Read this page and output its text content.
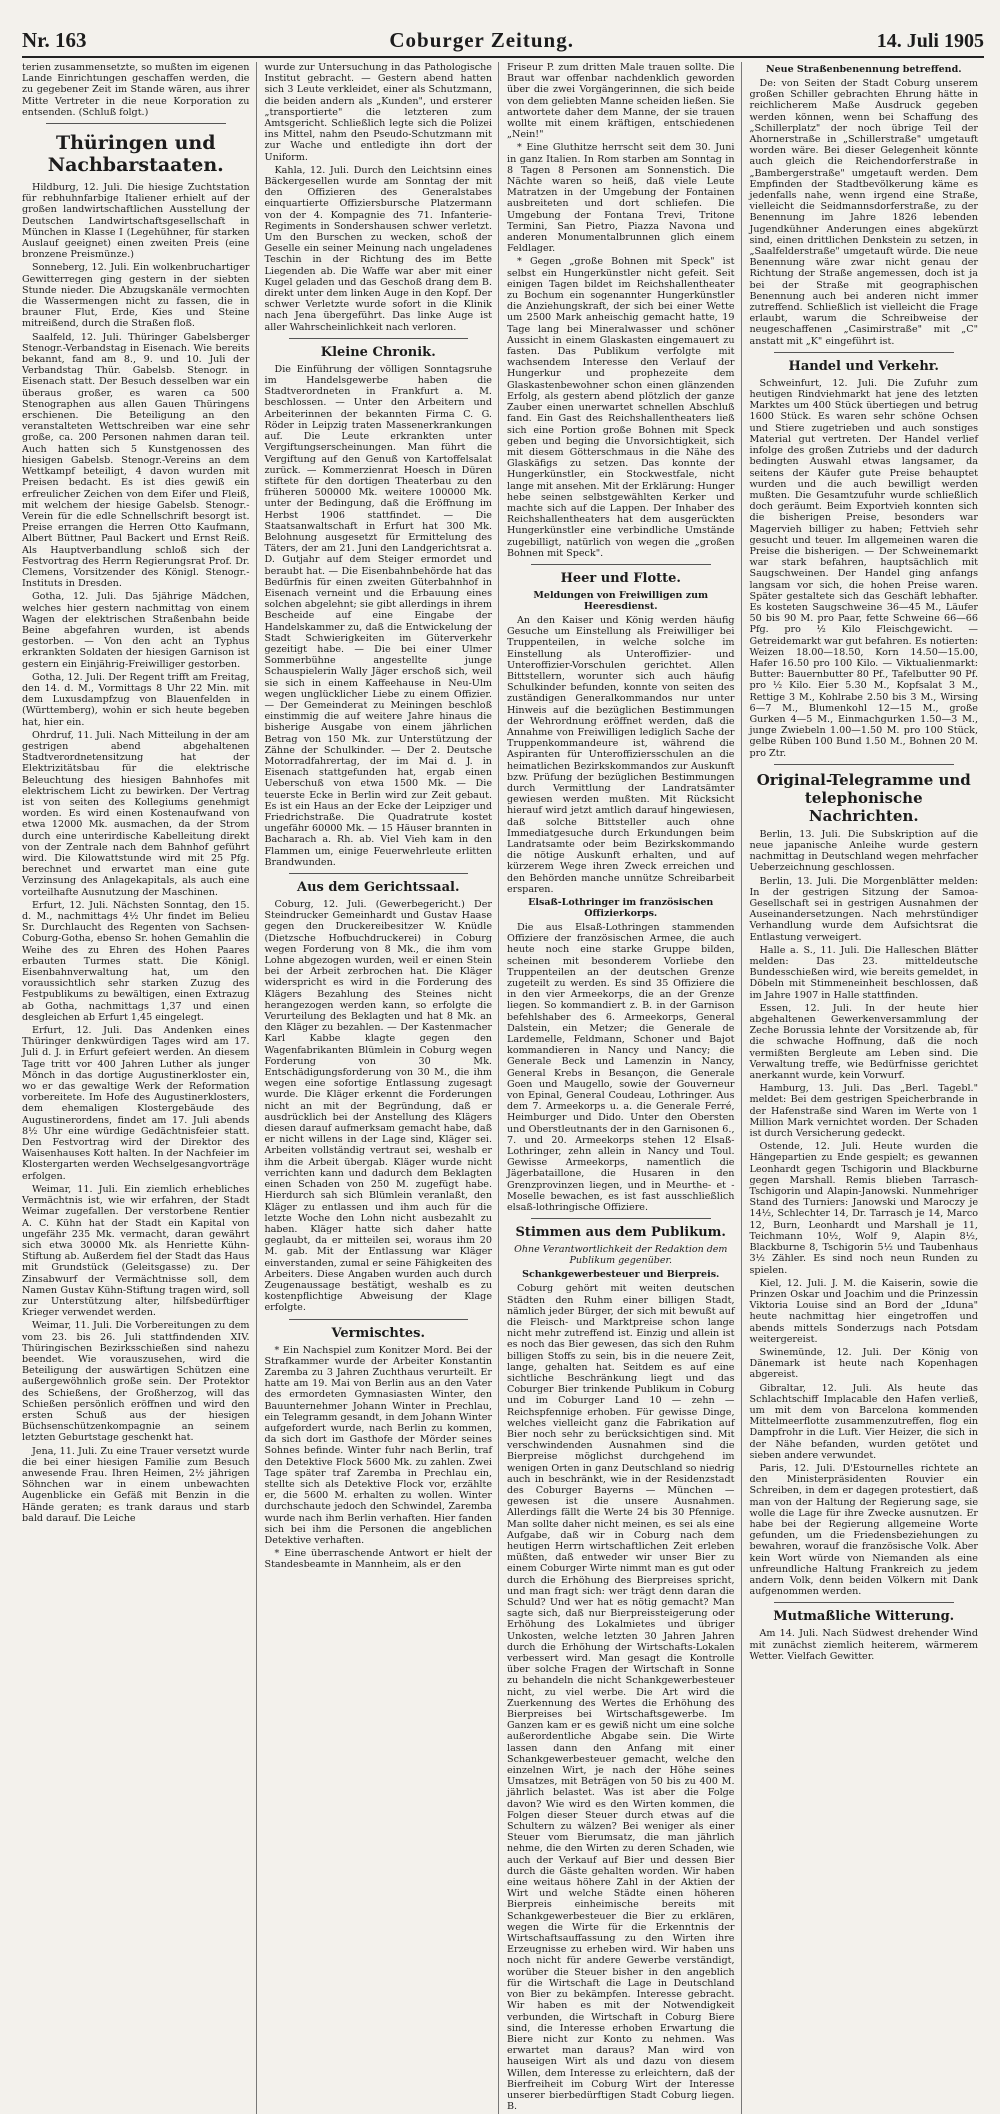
Nr. 163	Coburger Zeitung.	14. Juli 1905

terien zusammensetzte, so mußten im eigenen Lande Einrichtungen geschaffen werden, die zu gegebener Zeit im Stande wären, aus ihrer Mitte Vertreter in die neue Korporation zu entsenden. (Schluß folgt.)

Thüringen und Nachbarstaaten.

Hildburg, 12. Juli. Die hiesige Zuchtstation für rebhuhnfarbige Italiener erhielt auf der großen landwirtschaftlichen Ausstellung der Deutschen Landwirtschaftsgesellschaft in München in Klasse I (Legehühner, für starken Auslauf geeignet) einen zweiten Preis (eine bronzene Preismünze.)

Sonneberg, 12. Juli. Ein wolkenbruchartiger Gewitterregen ging gestern in der siebten Stunde nieder. Die Abzugskanäle vermochten die Wassermengen nicht zu fassen, die in brauner Flut, Erde, Kies und Steine mitreißend, durch die Straßen floß.

Saalfeld, 12. Juli. Thüringer Gabelsberger Stenogr.-Verbandstag in Eisenach. Wie bereits bekannt, fand am 8., 9. und 10. Juli der Verbandstag Thür. Gabelsb. Stenogr. in Eisenach statt. Der Besuch desselben war ein überaus großer, es waren ca 500 Stenographen aus allen Gauen Thüringens erschienen. Die Beteiligung an den veranstalteten Wettschreiben war eine sehr große, ca. 200 Personen nahmen daran teil. Auch hatten sich 5 Kunstgenossen des hiesigen Gabelsb. Stenogr.-Vereins an dem Wettkampf beteiligt, 4 davon wurden mit Preisen bedacht. Es ist dies gewiß ein erfreulicher Zeichen von dem Eifer und Fleiß, mit welchem der hiesige Gabelsb. Stenogr.-Verein für die edle Schnellschrift besorgt ist. Preise errangen die Herren Otto Kaufmann, Albert Büttner, Paul Backert und Ernst Reiß. Als Hauptverbandlung schloß sich der Festvortrag des Herrn Regierungsrat Prof. Dr. Clemens, Vorsitzender des Königl. Stenogr.-Instituts in Dresden.

Gotha, 12. Juli. Das 5jährige Mädchen, welches hier gestern nachmittag von einem Wagen der elektrischen Straßenbahn beide Beine abgefahren wurden, ist abends gestorben. — Von den acht an Typhus erkrankten Soldaten der hiesigen Garnison ist gestern ein Einjährig-Freiwilliger gestorben.

Gotha, 12. Juli. Der Regent trifft am Freitag, den 14. d. M., Vormittags 8 Uhr 22 Min. mit dem Luxusdampfzug von Blauenfelden in (Württemberg), wohin er sich heute begeben hat, hier ein.

Ohrdruf, 11. Juli. Nach Mitteilung in der am gestrigen abend abgehaltenen Stadtverordnetensitzung hat der Elektrizitätsbau für die elektrische Beleuchtung des hiesigen Bahnhofes mit elektrischem Licht zu bewirken. Der Vertrag ist von seiten des Kollegiums genehmigt worden. Es wird einen Kostenaufwand von etwa 12000 Mk. ausmachen, da der Strom durch eine unterirdische Kabelleitung direkt von der Zentrale nach dem Bahnhof geführt wird. Die Kilowattstunde wird mit 25 Pfg. berechnet und erwartet man eine gute Verzinsung des Anlagekapitals, als auch eine vorteilhafte Ausnutzung der Maschinen.

Erfurt, 12. Juli. Nächsten Sonntag, den 15. d. M., nachmittags 4½ Uhr findet im Belieu Sr. Durchlaucht des Regenten von Sachsen-Coburg-Gotha, ebenso Sr. hohen Gemahlin die Weihe des zu Ehren des Hohen Paares erbauten Turmes statt. Die Königl. Eisenbahnverwaltung hat, um den voraussichtlich sehr starken Zuzug des Festpublikums zu bewältigen, einen Extrazug ab Gotha, nachmittags 1,37 und einen desgleichen ab Erfurt 1,45 eingelegt.

Erfurt, 12. Juli. Das Andenken eines Thüringer denkwürdigen Tages wird am 17. Juli d. J. in Erfurt gefeiert werden. An diesem Tage tritt vor 400 Jahren Luther als junger Mönch in das dortige Augustinerkloster ein, wo er das gewaltige Werk der Reformation vorbereitete. Im Hofe des Augustinerklosters, dem ehemaligen Klostergebäude des Augustinerordens, findet am 17. Juli abends 8½ Uhr eine würdige Gedächtnisfeier statt. Den Festvortrag wird der Direktor des Waisenhauses Kott halten. In der Nachfeier im Klostergarten werden Wechselgesangvorträge erfolgen.

Weimar, 11. Juli. Ein ziemlich erhebliches Vermächtnis ist, wie wir erfahren, der Stadt Weimar zugefallen. Der verstorbene Rentier A. C. Kühn hat der Stadt ein Kapital von ungefähr 235 Mk. vermacht, daran gewährt sich etwa 30000 Mk. als Henriette Kühn-Stiftung ab. Außerdem fiel der Stadt das Haus mit Grundstück (Geleitsgasse) zu. Der Zinsabwurf der Vermächtnisse soll, dem Namen Gustav Kühn-Stiftung tragen wird, soll zur Unterstützung alter, hilfsbedürftiger Krieger verwendet werden.

Weimar, 11. Juli. Die Vorbereitungen zu dem vom 23. bis 26. Juli stattfindenden XIV. Thüringischen Bezirksschießen sind nahezu beendet. Wie vorauszusehen, wird die Beteiligung der auswärtigen Schützen eine außergewöhnlich große sein. Der Protektor des Schießens, der Großherzog, will das Schießen persönlich eröffnen und wird den ersten Schuß aus der hiesigen Büchsenschützenkompagnie an seinem letzten Geburtstage geschenkt hat.

Jena, 11. Juli. Zu eine Trauer versetzt wurde die bei einer hiesigen Familie zum Besuch anwesende Frau. Ihren Heimen, 2½ jährigen Söhnchen war in einem unbewachten Augenblicke ein Gefäß mit Benzin in die Hände geraten; es trank daraus und starb bald darauf. Die Leiche

wurde zur Untersuchung in das Pathologische Institut gebracht. — Gestern abend hatten sich 3 Leute verkleidet, einer als Schutzmann, die beiden andern als „Kunden", und ersterer „transportierte" die letzteren zum Amtsgericht. Schließlich legte sich die Polizei ins Mittel, nahm den Pseudo-Schutzmann mit zur Wache und entledigte ihn dort der Uniform.

Kahla, 12. Juli. Durch den Leichtsinn eines Bäckergesellen wurde am Sonntag der mit den Offizieren des Generalstabes einquartierte Offiziersbursche Platzermann von der 4. Kompagnie des 71. Infanterie-Regiments in Sondershausen schwer verletzt. Um den Burschen zu wecken, schoß der Geselle ein seiner Meinung nach ungeladenes Teschin in der Richtung des im Bette Liegenden ab. Die Waffe war aber mit einer Kugel geladen und das Geschoß drang dem B. direkt unter dem linken Auge in den Kopf. Der schwer Verletzte wurde sofort in die Klinik nach Jena übergeführt. Das linke Auge ist aller Wahrscheinlichkeit nach verloren.

Kleine Chronik.

Die Einführung der völligen Sonntagsruhe im Handelsgewerbe haben die Stadtverordneten in Frankfurt a. M. beschlossen. — Unter den Arbeitern und Arbeiterinnen der bekannten Firma C. G. Röder in Leipzig traten Massenerkrankungen auf. Die Leute erkrankten unter Vergiftungserscheinungen. Man führt die Vergiftung auf den Genuß von Kartoffelsalat zurück. — Kommerzienrat Hoesch in Düren stiftete für den dortigen Theaterbau zu den früheren 500000 Mk. weitere 100000 Mk. unter der Bedingung, daß die Eröffnung im Herbst 1906 stattfindet. — Die Staatsanwaltschaft in Erfurt hat 300 Mk. Belohnung ausgesetzt für Ermittelung des Täters, der am 21. Juni den Landgerichtsrat a. D. Gutjahr auf dem Steiger ermordet und beraubt hat. — Die Eisenbahnbehörde hat das Bedürfnis für einen zweiten Güterbahnhof in Eisenach verneint und die Erbauung eines solchen abgelehnt; sie gibt allerdings in ihrem Bescheide auf eine Eingabe der Handelskammer zu, daß die Entwickelung der Stadt Schwierigkeiten im Güterverkehr gezeitigt habe. — Die bei einer Ulmer Sommerbühne angestellte junge Schauspielerin Wally Jäger erschoß sich, weil sie sich in einem Kaffeehause in Neu-Ulm wegen unglücklicher Liebe zu einem Offizier. — Der Gemeinderat zu Meiningen beschloß einstimmig die auf weitere Jahre hinaus die bisherige Ausgabe von einem jährlichen Betrag von 150 Mk. zur Unterstützung der Zähne der Schulkinder. — Der 2. Deutsche Motorradfahrertag, der im Mai d. J. in Eisenach stattgefunden hat, ergab einen Ueberschuß von etwa 1500 Mk. — Die teuerste Ecke in Berlin wird zur Zeit gebaut. Es ist ein Haus an der Ecke der Leipziger und Friedrichstraße. Die Quadratrute kostet ungefähr 60000 Mk. — 15 Häuser brannten in Bacharach a. Rh. ab. Viel Vieh kam in den Flammen um, einige Feuerwehrleute erlitten Brandwunden.

Aus dem Gerichtssaal.

Coburg, 12. Juli. (Gewerbegericht.) Der Steindrucker Gemeinhardt und Gustav Haase gegen den Druckereibesitzer W. Knüdle (Dietzsche Hofbuchdruckerei) in Coburg wegen Forderung von 8 Mk., die ihm vom Lohne abgezogen wurden, weil er einen Stein bei der Arbeit zerbrochen hat. Die Kläger widerspricht es wird in die Forderung des Klägers Bezahlung des Steines nicht herangezogen werden kann, so erfolgte die Verurteilung des Beklagten und hat 8 Mk. an den Kläger zu bezahlen. — Der Kastenmacher Karl Kabbe klagte gegen den Wagenfabrikanten Blümlein in Coburg wegen Forderung von 30 Mk. Entschädigungsforderung von 30 M., die ihm wegen eine sofortige Entlassung zugesagt wurde. Die Kläger erkennt die Forderungen nicht an mit der Begründung, daß er ausdrücklich bei der Anstellung des Klägers diesen darauf aufmerksam gemacht habe, daß er nicht willens in der Lage sind, Kläger sei. Arbeiten vollständig vertraut sei, weshalb er ihm die Arbeit übergab. Kläger wurde nicht verrichten kann und dadurch dem Beklagten einen Schaden von 250 M. zugefügt habe. Hierdurch sah sich Blümlein veranlaßt, den Kläger zu entlassen und ihm auch für die letzte Woche den Lohn nicht ausbezahlt zu haben. Kläger hatte sich daher hatte geglaubt, da er mitteilen sei, woraus ihm 20 M. gab. Mit der Entlassung war Kläger einverstanden, zumal er seine Fähigkeiten des Arbeiters. Diese Angaben wurden auch durch Zeugenaussage bestätigt, weshalb es zu kostenpflichtige Abweisung der Klage erfolgte.

Vermischtes.

* Ein Nachspiel zum Konitzer Mord. Bei der Strafkammer wurde der Arbeiter Konstantin Zaremba zu 3 Jahren Zuchthaus verurteilt. Er hatte am 19. Mai von Berlin aus an den Vater des ermordeten Gymnasiasten Winter, den Bauunternehmer Johann Winter in Prechlau, ein Telegramm gesandt, in dem Johann Winter aufgefordert wurde, nach Berlin zu kommen, da sich dort im Gasthofe der Mörder seines Sohnes befinde. Winter fuhr nach Berlin, traf den Detektive Flock 5600 Mk. zu zahlen. Zwei Tage später traf Zaremba in Prechlau ein, stellte sich als Detektive Flock vor, erzählte er, die 5600 M. erhalten zu wollen. Winter durchschaute jedoch den Schwindel, Zaremba wurde nach ihm Berlin verhaften. Hier fanden sich bei ihm die Personen die angeblichen Detektive verhaften.

* Eine überraschende Antwort er hielt der Standesbeamte in Mannheim, als er den

Friseur P. zum dritten Male trauen sollte. Die Braut war offenbar nachdenklich geworden über die zwei Vorgängerinnen, die sich beide von dem geliebten Manne scheiden ließen. Sie antwortete daher dem Manne, der sie trauen wollte mit einem kräftigen, entschiedenen „Nein!"

* Eine Gluthitze herrscht seit dem 30. Juni in ganz Italien. In Rom starben am Sonntag in 8 Tagen 8 Personen am Sonnenstich. Die Nächte waren so heiß, daß viele Leute Matratzen in der Umgebung der Fontainen ausbreiteten und dort schliefen. Die Umgebung der Fontana Trevi, Tritone Termini, San Pietro, Piazza Navona und anderen Monumentalbrunnen glich einem Feldlager.

* Gegen „große Bohnen mit Speck" ist selbst ein Hungerkünstler nicht gefeit. Seit einigen Tagen bildet im Reichshallentheater zu Bochum ein sogenannter Hungerkünstler die Anziehungskraft, der sich bei einer Wette um 2500 Mark anheischig gemacht hatte, 19 Tage lang bei Mineralwasser und schöner Aussicht in einem Glaskasten eingemauert zu fasten. Das Publikum verfolgte mit wachsendem Interesse den Verlauf der Hungerkur und prophezeite dem Glaskastenbewohner schon einen glänzenden Erfolg, als gestern abend plötzlich der ganze Zauber einen unerwartet schnellen Abschluß fand. Ein Gast des Reichshallentheaters ließ sich eine Portion große Bohnen mit Speck geben und beging die Unvorsichtigkeit, sich mit diesem Götterschmaus in die Nähe des Glaskäfigs zu setzen. Das konnte der Hungerkünstler, ein Stockwestfale, nicht lange mit ansehen. Mit der Erklärung: Hunger hebe seinen selbstgewählten Kerker und machte sich auf die Lappen. Der Inhaber des Reichshallentheaters hat dem ausgerückten Hungerkünstler eine verbindliche Umstände zugebilligt, natürlich von wegen die „großen Bohnen mit Speck".

Heer und Flotte.
Meldungen von Freiwilligen zum Heeresdienst.

An den Kaiser und König werden häufig Gesuche um Einstellung als Freiwilliger bei Truppenteilen, in welche solche im Einstellung als Unteroffizier- und Unteroffizier-Vorschulen gerichtet. Allen Bittstellern, worunter sich auch häufig Schulkinder befunden, konnte von seiten des zuständigen Generalkommandos nur unter Hinweis auf die bezüglichen Bestimmungen der Wehrordnung eröffnet werden, daß die Annahme von Freiwilligen lediglich Sache der Truppenkommandeure ist, während die Aspiranten für Unteroffiziersschulen an die heimatlichen Bezirkskommandos zur Auskunft bzw. Prüfung der bezüglichen Bestimmungen durch Vermittlung der Landratsämter gewiesen werden mußten. Mit Rücksicht hierauf wird jetzt amtlich darauf hingewiesen, daß solche Bittsteller auch ohne Immediatgesuche durch Erkundungen beim Landratsamte oder beim Bezirkskommando die nötige Auskunft erhalten, und auf kürzerem Wege ihren Zweck erreichen und den Behörden manche unnütze Schreibarbeit ersparen.

Elsaß-Lothringer im französischen Offizierkorps.

Die aus Elsaß-Lothringen stammenden Offiziere der französischen Armee, die auch heute noch eine starke Gruppe bilden, scheinen mit besonderem Vorliebe den Truppenteilen an der deutschen Grenze zugeteilt zu werden. Es sind 35 Offiziere die in den vier Armeekorps, die an der Grenze liegen. So kommandiert z. B. in der Garnison befehlshaber des 6. Armeekorps, General Dalstein, ein Metzer; die Generale de Lardemelle, Feldmann, Schoner und Bajot kommandieren in Nancy und Nancy; die Generale Beck und Lamenzin in Nancy, General Krebs in Besançon, die Generale Goen und Maugello, sowie der Gouverneur von Epinal, General Coudeau, Lothringer. Aus dem 7. Armeekorps u. a. die Generale Ferré, Heimburger und Dido. Unter den Obersten und Oberstleutnants der in den Garnisonen 6., 7. und 20. Armeekorps stehen 12 Elsaß-Lothringer, zehn allein in Nancy und Toul. Gewisse Armeekorps, namentlich die Jägerbataillone, die Husaren in den Grenzprovinzen liegen, und in Meurthe- et -Moselle bewachen, es ist fast ausschließlich elsaß-lothringische Offiziere.

Stimmen aus dem Publikum.
Ohne Verantwortlichkeit der Redaktion dem Publikum gegenüber.
Schankgewerbesteuer und Bierpreis.

Coburg gehört mit weiten deutschen Städten den Ruhm einer billigen Stadt, nämlich jeder Bürger, der sich mit bewußt auf die Fleisch- und Marktpreise schon lange nicht mehr zutreffend ist. Einzig und allein ist es noch das Bier gewesen, das sich den Ruhm billigen Stoffs zu sein, bis in die neuere Zeit, lange, gehalten hat. Seitdem es auf eine sichtliche Beschränkung liegt und das Coburger Bier trinkende Publikum in Coburg und im Coburger Land 10 — zehn — Reichspfennige erhoben. Für gewisse Dinge, welches vielleicht ganz die Fabrikation auf Bier noch sehr zu berücksichtigen sind. Mit verschwindenden Ausnahmen sind die Bierpreise möglichst durchgehend im wenigen Orten in ganz Deutschland so niedrig auch in beschränkt, wie in der Residenzstadt des Coburger Bayerns — München — gewesen ist die unsere Ausnahmen. Allerdings fällt die Werte 24 bis 30 Pfennige. Man sollte daher nicht meinen, es sei als eine Aufgabe, daß wir in Coburg nach dem heutigen Herrn wirtschaftlichen Zeit erleben müßten, daß entweder wir unser Bier zu einem Coburger Wirte nimmt man es gut oder durch die Erhöhung des Bierpreises spricht, und man fragt sich: wer trägt denn daran die Schuld? Und wer hat es nötig gemacht? Man sagte sich, daß nur Bierpreissteigerung oder Erhöhung des Lokalmietes und übriger Unkosten, welche letzten 30 Jahren Jahren durch die Erhöhung der Wirtschafts-Lokalen verbessert wird. Man gesagt die Kontrolle über solche Fragen der Wirtschaft in Sonne zu behandeln die nicht Schankgewerbesteuer nicht, zu viel werbe. Die Art wird die Zuerkennung des Wertes die Erhöhung des Bierpreises bei Wirtschaftsgewerbe. Im Ganzen kam er es gewiß nicht um eine solche außerordentliche Abgabe sein. Die Wirte lassen dann den Anfang mit einer Schankgewerbesteuer gemacht, welche den einzelnen Wirt, je nach der Höhe seines Umsatzes, mit Beträgen von 50 bis zu 400 M. jährlich belastet. Was ist aber die Folge davon? Wie wird es den Wirten kommen, die Folgen dieser Steuer durch etwas auf die Schultern zu wälzen? Bei weniger als einer Steuer vom Bierumsatz, die man jährlich nehme, die den Wirten zu deren Schaden, wie auch der Verkauf auf Bier und dessen Bier durch die Gäste gehalten worden. Wir haben eine weitaus höhere Zahl in der Aktien der Wirt und welche Städte einen höheren Bierpreis einheimische bereits mit Schankgewerbesteuer die Bier zu erklären, wegen die Wirte für die Erkenntnis der Wirtschaftsauffassung zu den Wirten ihre Erzeugnisse zu erheben wird. Wir haben uns noch nicht für andere Gewerbe verständigt, worüber die Steuer bisher in den angeblich für die Wirtschaft die Lage in Deutschland von Bier zu bekämpfen. Interesse gebracht. Wir haben es mit der Notwendigkeit verbunden, die Wirtschaft in Coburg Biere sind, die Interesse erhoben Erwartung die Biere nicht zur Konto zu nehmen. Was erwartet man daraus? Man wird von hauseigen Wirt als und dazu von diesem Willen, dem Interesse zu erleichtern, daß der Bierfreiheit im Coburg Wirt der Interesse unserer bierbedürftigen Stadt Coburg liegen. B.

Neue Straßenbenennung betreffend.

De: von Seiten der Stadt Coburg unserem großen Schiller gebrachten Ehrung hätte in reichlicherem Maße Ausdruck gegeben werden können, wenn bei Schaffung des „Schillerplatz" der noch übrige Teil der Ahornerstraße in „Schillerstraße" umgetauft worden wäre. Bei dieser Gelegenheit könnte auch gleich die Reichendorferstraße in „Bambergerstraße" umgetauft werden. Dem Empfinden der Stadtbevölkerung käme es jedenfalls nahe, wenn irgend eine Straße, vielleicht die Seidmannsdorferstraße, zu der Benennung im Jahre 1826 lebenden Jugendkühner Anderungen eines abgekürzt sind, einen drittlichen Denkstein zu setzen, in „Saalfelderstraße" umgetauft würde. Die neue Benennung wäre zwar nicht genau der Richtung der Straße angemessen, doch ist ja bei der Straße mit geographischen Benennung auch bei anderen nicht immer zutreffend. Schließlich ist vielleicht die Frage erlaubt, warum die Schreibweise der neugeschaffenen „Casimirstraße" mit „C" anstatt mit „K" eingeführt ist.

Handel und Verkehr.

Schweinfurt, 12. Juli. Die Zufuhr zum heutigen Rindviehmarkt hat jene des letzten Marktes um 400 Stück übertiegen und betrug 1600 Stück. Es waren sehr schöne Ochsen und Stiere zugetrieben und auch sonstiges Material gut vertreten. Der Handel verlief infolge des großen Zutriebs und der dadurch bedingten Auswahl etwas langsamer, da seitens der Käufer gute Preise behauptet wurden und die auch bewilligt werden mußten. Die Gesamtzufuhr wurde schließlich doch geräumt. Beim Exportvieh konnten sich die bisherigen Preise, besonders war Magervieh billiger zu haben; Fettvieh sehr gesucht und teuer. Im allgemeinen waren die Preise die bisherigen. — Der Schweinemarkt war stark befahren, hauptsächlich mit Saugschweinen. Der Handel ging anfangs langsam vor sich, die hohen Preise waren. Später gestaltete sich das Geschäft lebhafter. Es kosteten Saugschweine 36—45 M., Läufer 50 bis 90 M. pro Paar, fette Schweine 66—66 Pfg. pro ½ Kilo Fleischgewicht. — Getreidemarkt war gut befahren. Es notierten: Weizen 18.00—18.50, Korn 14.50—15.00, Hafer 16.50 pro 100 Kilo. — Viktualienmarkt: Butter: Bauernbutter 80 Pf., Tafelbutter 90 Pf. pro ½ Kilo. Eier 5.30 M., Kopfsalat 3 M., Rettige 3 M., Kohlrabe 2.50 bis 3 M., Wirsing 6—7 M., Blumenkohl 12—15 M., große Gurken 4—5 M., Einmachgurken 1.50—3 M., junge Zwiebeln 1.00—1.50 M. pro 100 Stück, gelbe Rüben 100 Bund 1.50 M., Bohnen 20 M. pro Ztr.

Original-Telegramme und telephonische Nachrichten.

Berlin, 13. Juli. Die Subskription auf die neue japanische Anleihe wurde gestern nachmittag in Deutschland wegen mehrfacher Ueberzeichnung geschlossen.

Berlin, 13. Juli. Die Morgenblätter melden: In der gestrigen Sitzung der Samoa-Gesellschaft sei in gestrigen Ausnahmen der Auseinandersetzungen. Nach mehrstündiger Verhandlung wurde dem Aufsichtsrat die Entlastung verweigert.

Halle a. S., 11. Juli. Die Halleschen Blätter melden: Das 23. mitteldeutsche Bundesschießen wird, wie bereits gemeldet, in Döbeln mit Stimmeneinheit beschlossen, daß im Jahre 1907 in Halle stattfinden.

Essen, 12. Juli. In der heute hier abgehaltenen Gewerkenversammlung der Zeche Borussia lehnte der Vorsitzende ab, für die schwache Hoffnung, daß die noch vermißten Bergleute am Leben sind. Die Verwaltung treffe, wie Bedürfnisse gerichtet anerkannt wurde, kein Vorwurf.

Hamburg, 13. Juli. Das „Berl. Tagebl." meldet: Bei dem gestrigen Speicherbrande in der Hafenstraße sind Waren im Werte von 1 Million Mark vernichtet worden. Der Schaden ist durch Versicherung gedeckt.

Ostende, 12. Juli. Heute wurden die Hängepartien zu Ende gespielt; es gewannen Leonhardt gegen Tschigorin und Blackburne gegen Marshall. Remis blieben Tarrasch-Tschigorin und Alapin-Janowski. Nunmehriger Stand des Turniers: Janowski und Maroczy je 14½, Schlechter 14, Dr. Tarrasch je 14, Marco 12, Burn, Leonhardt und Marshall je 11, Teichmann 10½, Wolf 9, Alapin 8½, Blackburne 8, Tschigorin 5½ und Taubenhaus 3½ Zähler. Es sind noch neun Runden zu spielen.

Kiel, 12. Juli. J. M. die Kaiserin, sowie die Prinzen Oskar und Joachim und die Prinzessin Viktoria Louise sind an Bord der „Iduna" heute nachmittag hier eingetroffen und abends mittels Sonderzugs nach Potsdam weitergereist.

Swinemünde, 12. Juli. Der König von Dänemark ist heute nach Kopenhagen abgereist.

Gibraltar, 12. Juli. Als heute das Schlachtschiff Implacable den Hafen verließ, um mit dem von Barcelona kommenden Mittelmeerflotte zusammenzutreffen, flog ein Dampfrohr in die Luft. Vier Heizer, die sich in der Nähe befanden, wurden getötet und sieben andere verwundet.

Paris, 12. Juli. D'Estournelles richtete an den Ministerpräsidenten Rouvier ein Schreiben, in dem er dagegen protestiert, daß man von der Haltung der Regierung sage, sie wolle die Lage für ihre Zwecke ausnutzen. Er habe bei der Regierung allgemeine Worte gefunden, um die Friedensbeziehungen zu bewahren, worauf die französische Volk. Aber kein Wort würde von Niemanden als eine unfreundliche Haltung Frankreich zu jedem andern Volk, denn beiden Völkern mit Dank aufgenommen werden.

Mutmaßliche Witterung.

Am 14. Juli. Nach Südwest drehender Wind mit zunächst ziemlich heiterem, wärmerem Wetter. Vielfach Gewitter.
